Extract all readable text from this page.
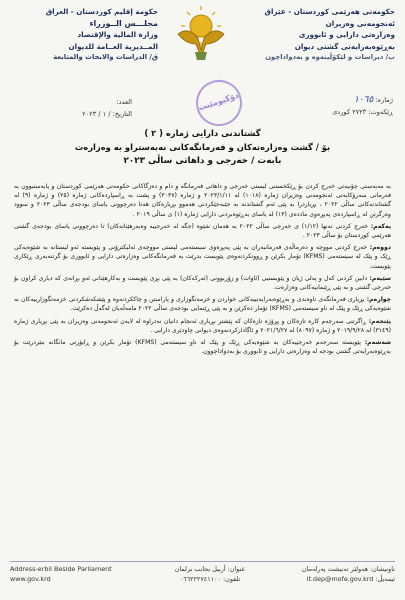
حكومەتی هەرێمی کوردستان - عێراق
ئەنجومەنی وەزیران
وەزارەتی دارایی و ئابووری
بەڕێوەبەرایەتی گشتی دیوان
ب/ دیراسات و لێکۆڵینەوە و بەدواداچون
حكومة إقليم كوردستان - العراق
مجلـــس الــوزراء
وزارة المالية والإقتصاد
المــديرية العــامة للديوان
ق/ الدراسات والابحاث والمتابعة
ژمارە: ١٠٦٥
ڕێکەوت: ٢٧٢٣ كوردى
العدد:
التاريخ: / ١ / ٢٠٢٣
دۆكيومێنت
گشتاندنی دارایی ژمارە ( ٢ )
بۆ / گشت وەزارەتەکان و فەرمانگەکانی نەبەستراو بە وەزارەت
بابەت / خەرجی و داهاتی ساڵی ٢٠٢٣

بە مەبەستی چۆنیەتی خەرج کردن بۆ ڕێکخستنی لیستی خەرجی و داهاتی فەرمانگە و دام و دەزگاکانی حکومەتی هەرێمی کوردستان و پابەستبوون بە فەرمانی سەرۆکایەتی ئەنجومەنی وەزیران ژمارە (١٠١٨) لە ٢٠٢٣/١/١١ و ژمارە (٣٠٣٧) و پشت بە ڕاسپاردەکانی ژمارە (٢٥) و ژمارە (٩) لە گشتاندنەکانی ساڵی ٢٠٢٢ ، بڕیاردرا بە پێی ئەم گشتاندنە بە جێبەجێکردنی هەموو بڕیارەکان هەتا دەرچوونی یاسای بودجەی ساڵی ٢٠٢٣ و سوود وەرگرتن لە ڕاسپاردەی پەیڕەوی ماددەی (١٣) لە یاسای بەڕێوەبردنی دارایی ژمارە (١) ی ساڵی ٢٠١٩ .

یەکەم: خەرج کردنی تەنها (١/١٢) ی خەرجی ساڵی ٢٠٢٢ بە هەمان شێوە (جگە لە خەرجییە وەبەرهێنانەکان) تا دەرچوونی یاسای بودجەی گشتی هەرێمی کوردستان بۆ ساڵی ٢٠٢٣ .

دووەم: خەرج کردنی مووچە و دەرماڵەی فەرمانبەران بە پێی پەیڕەوی سیستەمی لیستی مووچەی ئەلیکترۆنی و پێویستە ئەو لیستانە بە شێوەیەکی ڕێک و پێک لە سیستەمی (KFMS) تۆمار بکرێن و ڕوونکردنەوەی پێویست بدرێت بە فەرمانگەکانی وەزارەتی دارایی و ئابووری بۆ گرتنەبەری ڕێکاری پێویست.

سێیەم: دابین کردنی کەل و پەلی ژیان و پێویستیی (ئاوات) و زۆربوونی (ئەرکەکان) بە پێی بڕی پێویست و بەکارهێنانی ئەو بڕانەی کە دیاری کراون بۆ خەرجی گشتی و بە پێی ڕێنماییەکانی وەزارەت.

چوارەم: بڕیاری فەرمانگەی ناوەندی و بەڕێوەبەرایەتییەکانی خواردن و خزمەتگوزاری و پاراستن و چاککردنەوە و پێشکەشکردنی خزمەتگوزارییەکان بە شێوەیەکی ڕێک و پێک لە ناو سیستەمی (KFMS) تۆمار دەکرێن و بە پێی ڕێنمایی بودجەی ساڵی ٢٠٢٢ مامەڵەیان لەگەڵ دەکرێت.

پێنجەم: ڕاگرتنی سەرجەم کارە تازەکان و پڕۆژە تازەکان کە پێشتر بڕیاری ئەنجام دانیان نەدراوە لە لایەن ئەنجومەنی وەزیران بە پێی بڕیاری ژمارە (٣١٤٩) لە ٢٠١٩/٩/٢٨ و ژمارە (٨٠٩٧) لە ٢٠٢١/٦/٢٧ و ئاگادارکردنەوەی دیوانی چاودێری دارایی .

شەشەم: پێویستە سەرجەم خەرجییەکان بە شێوەیەکی ڕێک و پێک لە ناو سیستەمی (KFMS) تۆمار بکرێن و ڕاپۆرتی مانگانە بنێردرێت بۆ بەڕێوەبەرایەتی گشتی بودجە لە وەزارەتی دارایی و ئابووری بۆ بەدواداچوون.

Address-erbil Beside Parliament
www.gov.krd
عنوان: أربيل بجانب برلمان
تلفون: ٠٦٦٢٢٢٧٤١١٠٠
ناونیشان: هەولێر تەنیشت پەرلەمان
ئیمەیڵ: it.dep@mofe.gov.krd
